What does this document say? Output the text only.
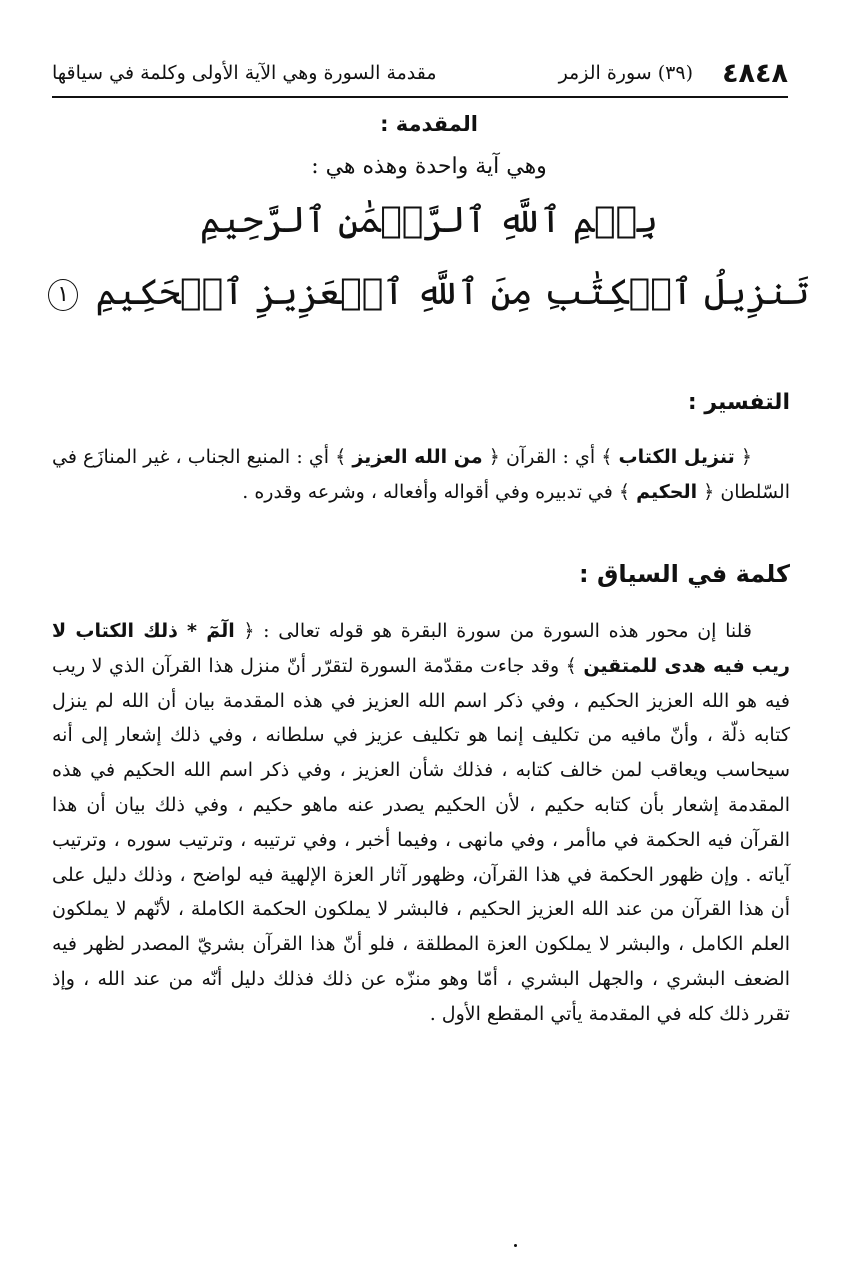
٤٨٤٨
(٣٩) سورة الزمر
مقدمة السورة وهي الآية الأولى وكلمة في سياقها
المقدمة :
وهي آية واحدة وهذه هي :
بِسۡمِ ٱللَّهِ ٱلرَّحۡمَٰنِ ٱلرَّحِيمِ
تَنزِيلُ ٱلۡكِتَٰبِ مِنَ ٱللَّهِ ٱلۡعَزِيزِ ٱلۡحَكِيمِ ١
التفسير :

﴿ تنزيل الكتاب ﴾ أي : القرآن ﴿ من الله العزيز ﴾ أي : المنيع الجناب ، غير المنازَع في السّلطان ﴿ الحكيم ﴾ في تدبيره وفي أقواله وأفعاله ، وشرعه وقدره .

كلمة في السياق :

قلنا إن محور هذه السورة من سورة البقرة هو قوله تعالى : ﴿ الٓمٓ * ذلك الكتاب لا ريب فيه هدى للمتقين ﴾ وقد جاءت مقدّمة السورة لتقرّر أنّ منزل هذا القرآن الذي لا ريب فيه هو الله العزيز الحكيم ، وفي ذكر اسم الله العزيز في هذه المقدمة بيان أن الله لم ينزل كتابه ذلّة ، وأنّ مافيه من تكليف إنما هو تكليف عزيز في سلطانه ، وفي ذلك إشعار إلى أنه سيحاسب ويعاقب لمن خالف كتابه ، فذلك شأن العزيز ، وفي ذكر اسم الله الحكيم في هذه المقدمة إشعار بأن كتابه حكيم ، لأن الحكيم يصدر عنه ماهو حكيم ، وفي ذلك بيان أن هذا القرآن فيه الحكمة في ماأمر ، وفي مانهى ، وفيما أخبر ، وفي ترتيبه ، وترتيب سوره ، وترتيب آياته . وإن ظهور الحكمة في هذا القرآن، وظهور آثار العزة الإلهية فيه لواضح ، وذلك دليل على أن هذا القرآن من عند الله العزيز الحكيم ، فالبشر لا يملكون الحكمة الكاملة ، لأنّهم لا يملكون العلم الكامل ، والبشر لا يملكون العزة المطلقة ، فلو أنّ هذا القرآن بشريّ المصدر لظهر فيه الضعف البشري ، والجهل البشري ، أمّا وهو منزّه عن ذلك فذلك دليل أنّه من عند الله ، وإذ تقرر ذلك كله في المقدمة يأتي المقطع الأول .
